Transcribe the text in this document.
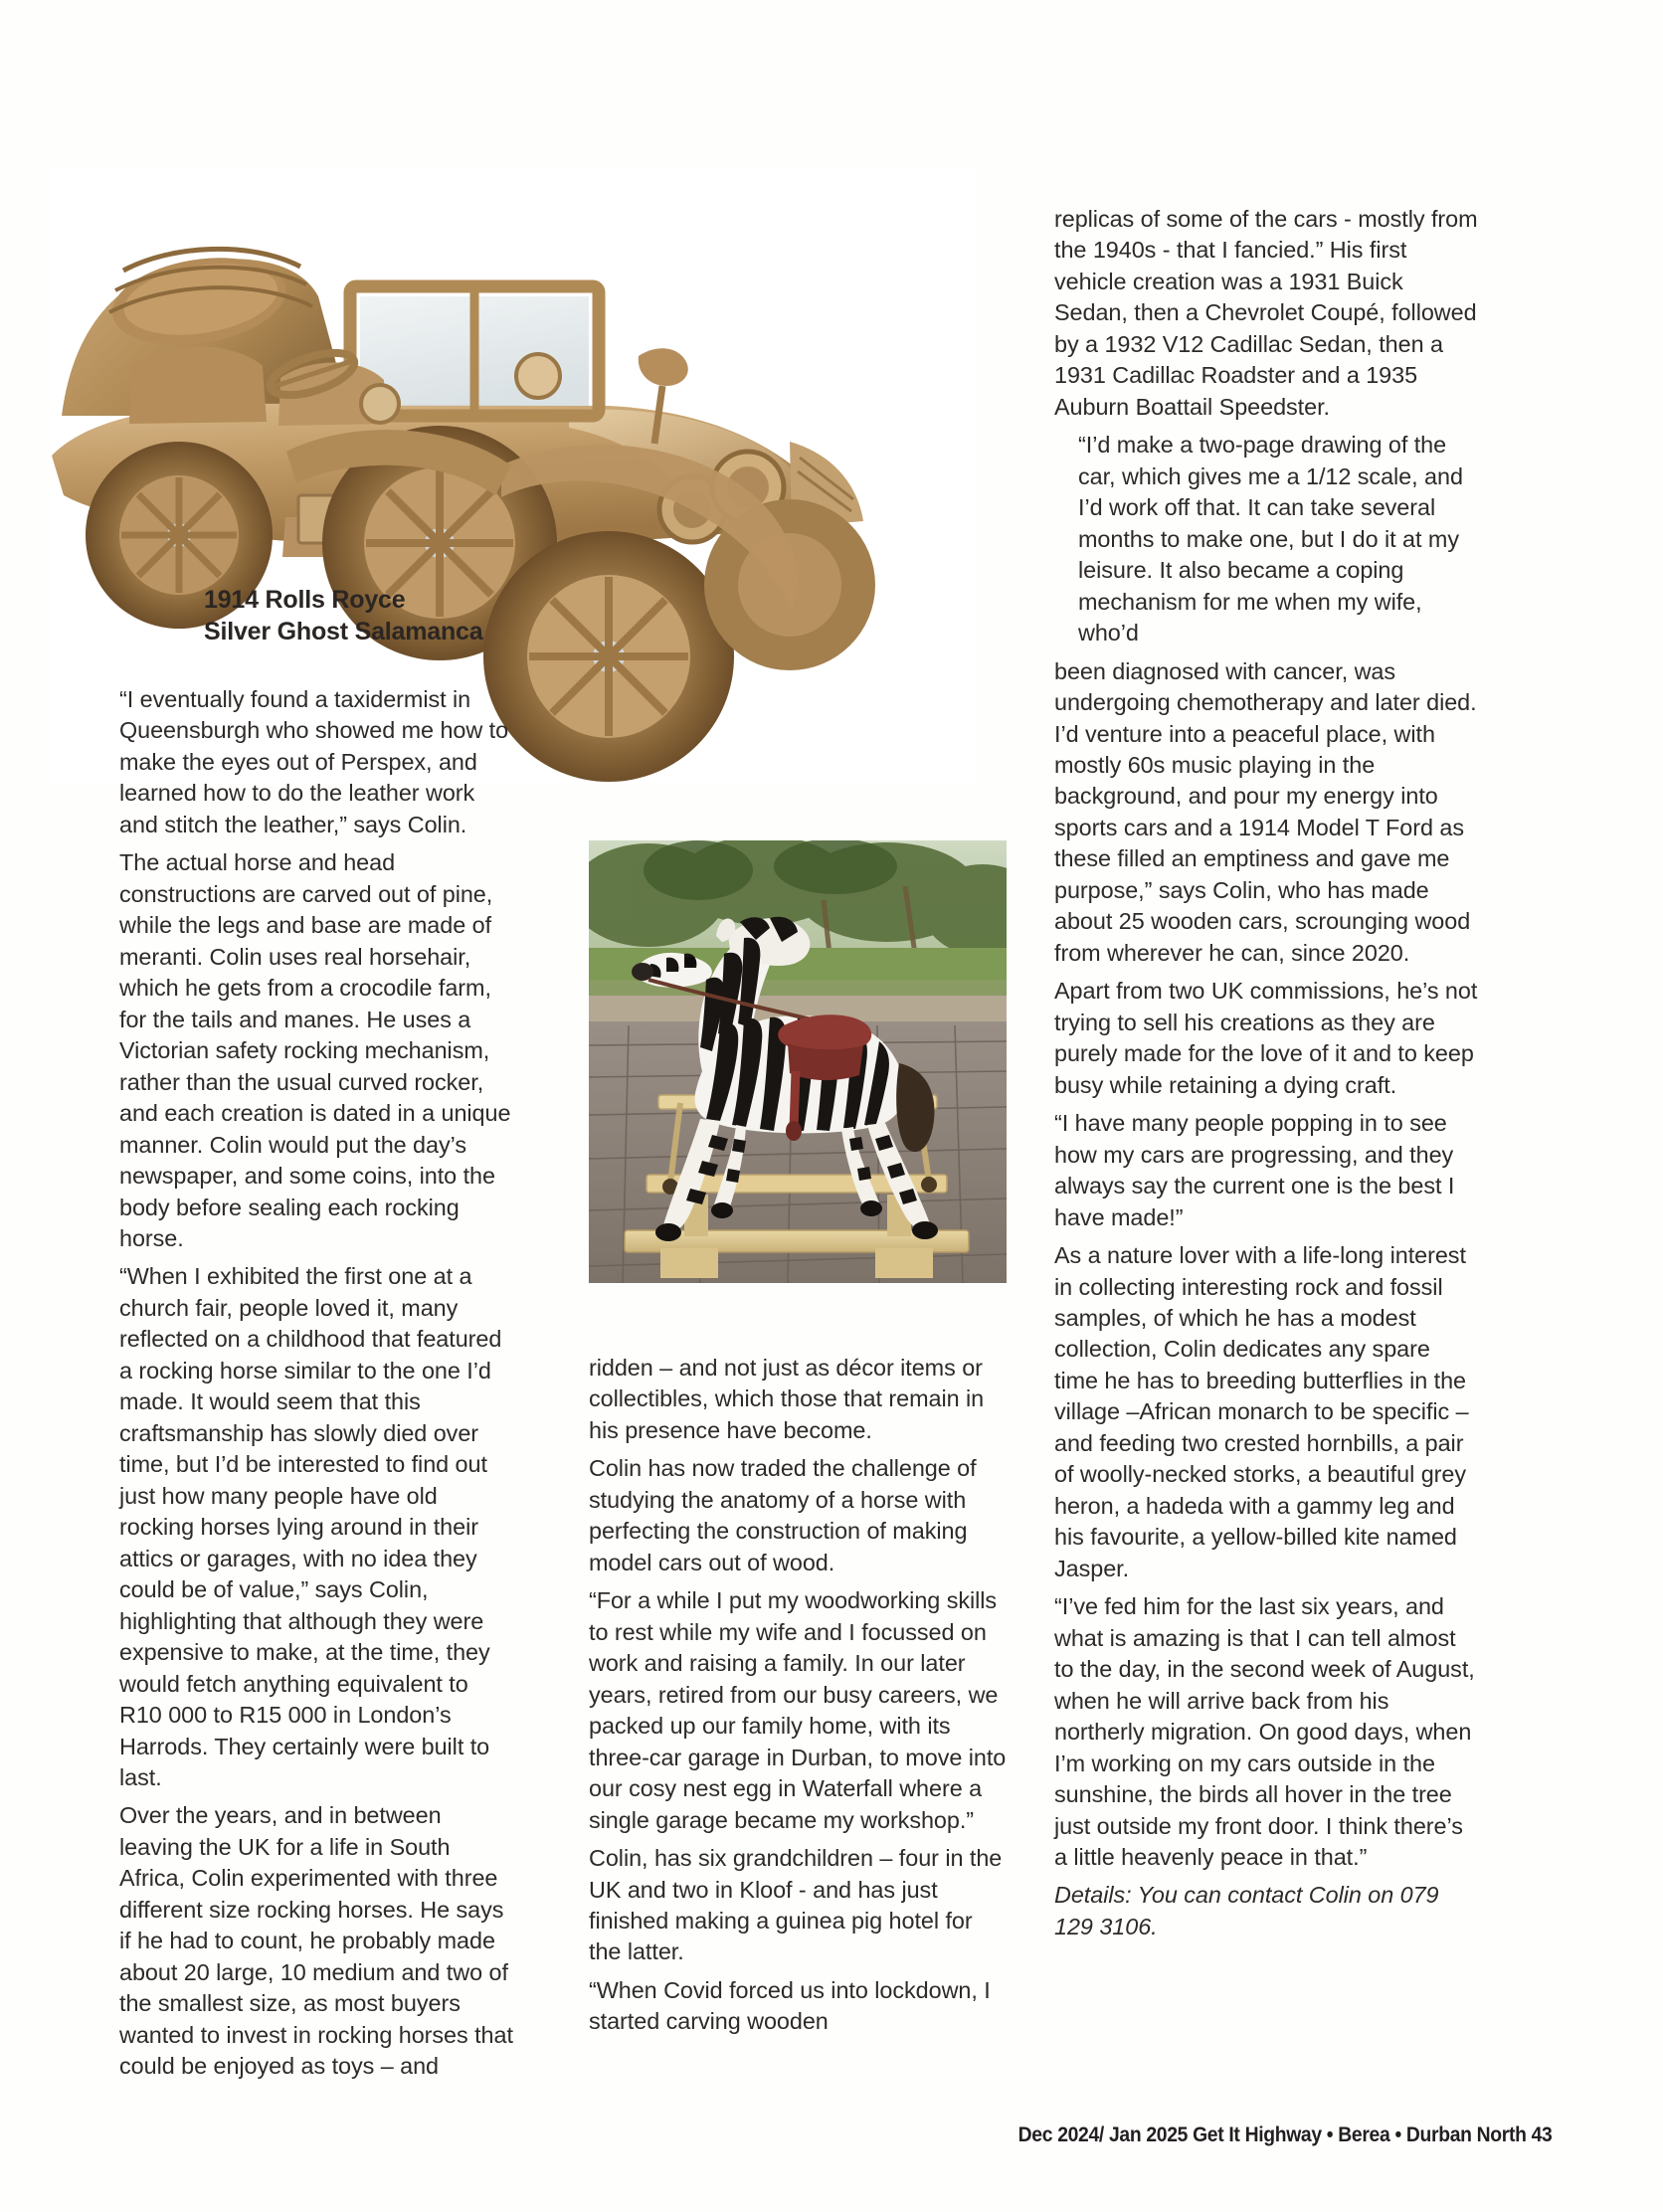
1914 Rolls Royce
Silver Ghost Salamanca

“I eventually found a taxidermist in Queensburgh who showed me how to make the eyes out of Perspex, and learned how to do the leather work and stitch the leather,” says Colin.

The actual horse and head constructions are carved out of pine, while the legs and base are made of meranti. Colin uses real horsehair, which he gets from a crocodile farm, for the tails and manes. He uses a Victorian safety rocking mechanism, rather than the usual curved rocker, and each creation is dated in a unique manner. Colin would put the day’s newspaper, and some coins, into the body before sealing each rocking horse.

“When I exhibited the first one at a church fair, people loved it, many reflected on a childhood that featured a rocking horse similar to the one I’d made. It would seem that this craftsmanship has slowly died over time, but I’d be interested to find out just how many people have old rocking horses lying around in their attics or garages, with no idea they could be of value,” says Colin, highlighting that although they were expensive to make, at the time, they would fetch anything equivalent to R10 000 to R15 000 in London’s Harrods. They certainly were built to last.

Over the years, and in between leaving the UK for a life in South Africa, Colin experimented with three different size rocking horses. He says if he had to count, he probably made about 20 large, 10 medium and two of the smallest size, as most buyers wanted to invest in rocking horses that could be enjoyed as toys – and

ridden – and not just as décor items or collectibles, which those that remain in his presence have become.

Colin has now traded the challenge of studying the anatomy of a horse with perfecting the construction of making model cars out of wood.

“For a while I put my woodworking skills to rest while my wife and I focussed on work and raising a family. In our later years, retired from our busy careers, we packed up our family home, with its three-car garage in Durban, to move into our cosy nest egg in Waterfall where a single garage became my workshop.”

Colin, has six grandchildren – four in the UK and two in Kloof - and has just finished making a guinea pig hotel for the latter.

“When Covid forced us into lockdown, I started carving wooden

replicas of some of the cars - mostly from the 1940s - that I fancied.” His first vehicle creation was a 1931 Buick Sedan, then a Chevrolet Coupé, followed by a 1932 V12 Cadillac Sedan, then a 1931 Cadillac Roadster and a 1935 Auburn Boattail Speedster.

“I’d make a two-page drawing of the car, which gives me a 1/12 scale, and I’d work off that. It can take several months to make one, but I do it at my leisure. It also became a coping mechanism for me when my wife, who’d

been diagnosed with cancer, was undergoing chemotherapy and later died. I’d venture into a peaceful place, with mostly 60s music playing in the background, and pour my energy into sports cars and a 1914 Model T Ford as these filled an emptiness and gave me purpose,” says Colin, who has made about 25 wooden cars, scrounging wood from wherever he can, since 2020.

Apart from two UK commissions, he’s not trying to sell his creations as they are purely made for the love of it and to keep busy while retaining a dying craft.

“I have many people popping in to see how my cars are progressing, and they always say the current one is the best I have made!”

As a nature lover with a life-long interest in collecting interesting rock and fossil samples, of which he has a modest collection, Colin dedicates any spare time he has to breeding butterflies in the village –African monarch to be specific – and feeding two crested hornbills, a pair of woolly-necked storks, a beautiful grey heron, a hadeda with a gammy leg and his favourite, a yellow-billed kite named Jasper.

“I’ve fed him for the last six years, and what is amazing is that I can tell almost to the day, in the second week of August, when he will arrive back from his northerly migration. On good days, when I’m working on my cars outside in the sunshine, the birds all hover in the tree just outside my front door. I think there’s a little heavenly peace in that.”

Details: You can contact Colin on 079 129 3106.

Dec 2024/ Jan 2025 Get It Highway • Berea • Durban North 43
